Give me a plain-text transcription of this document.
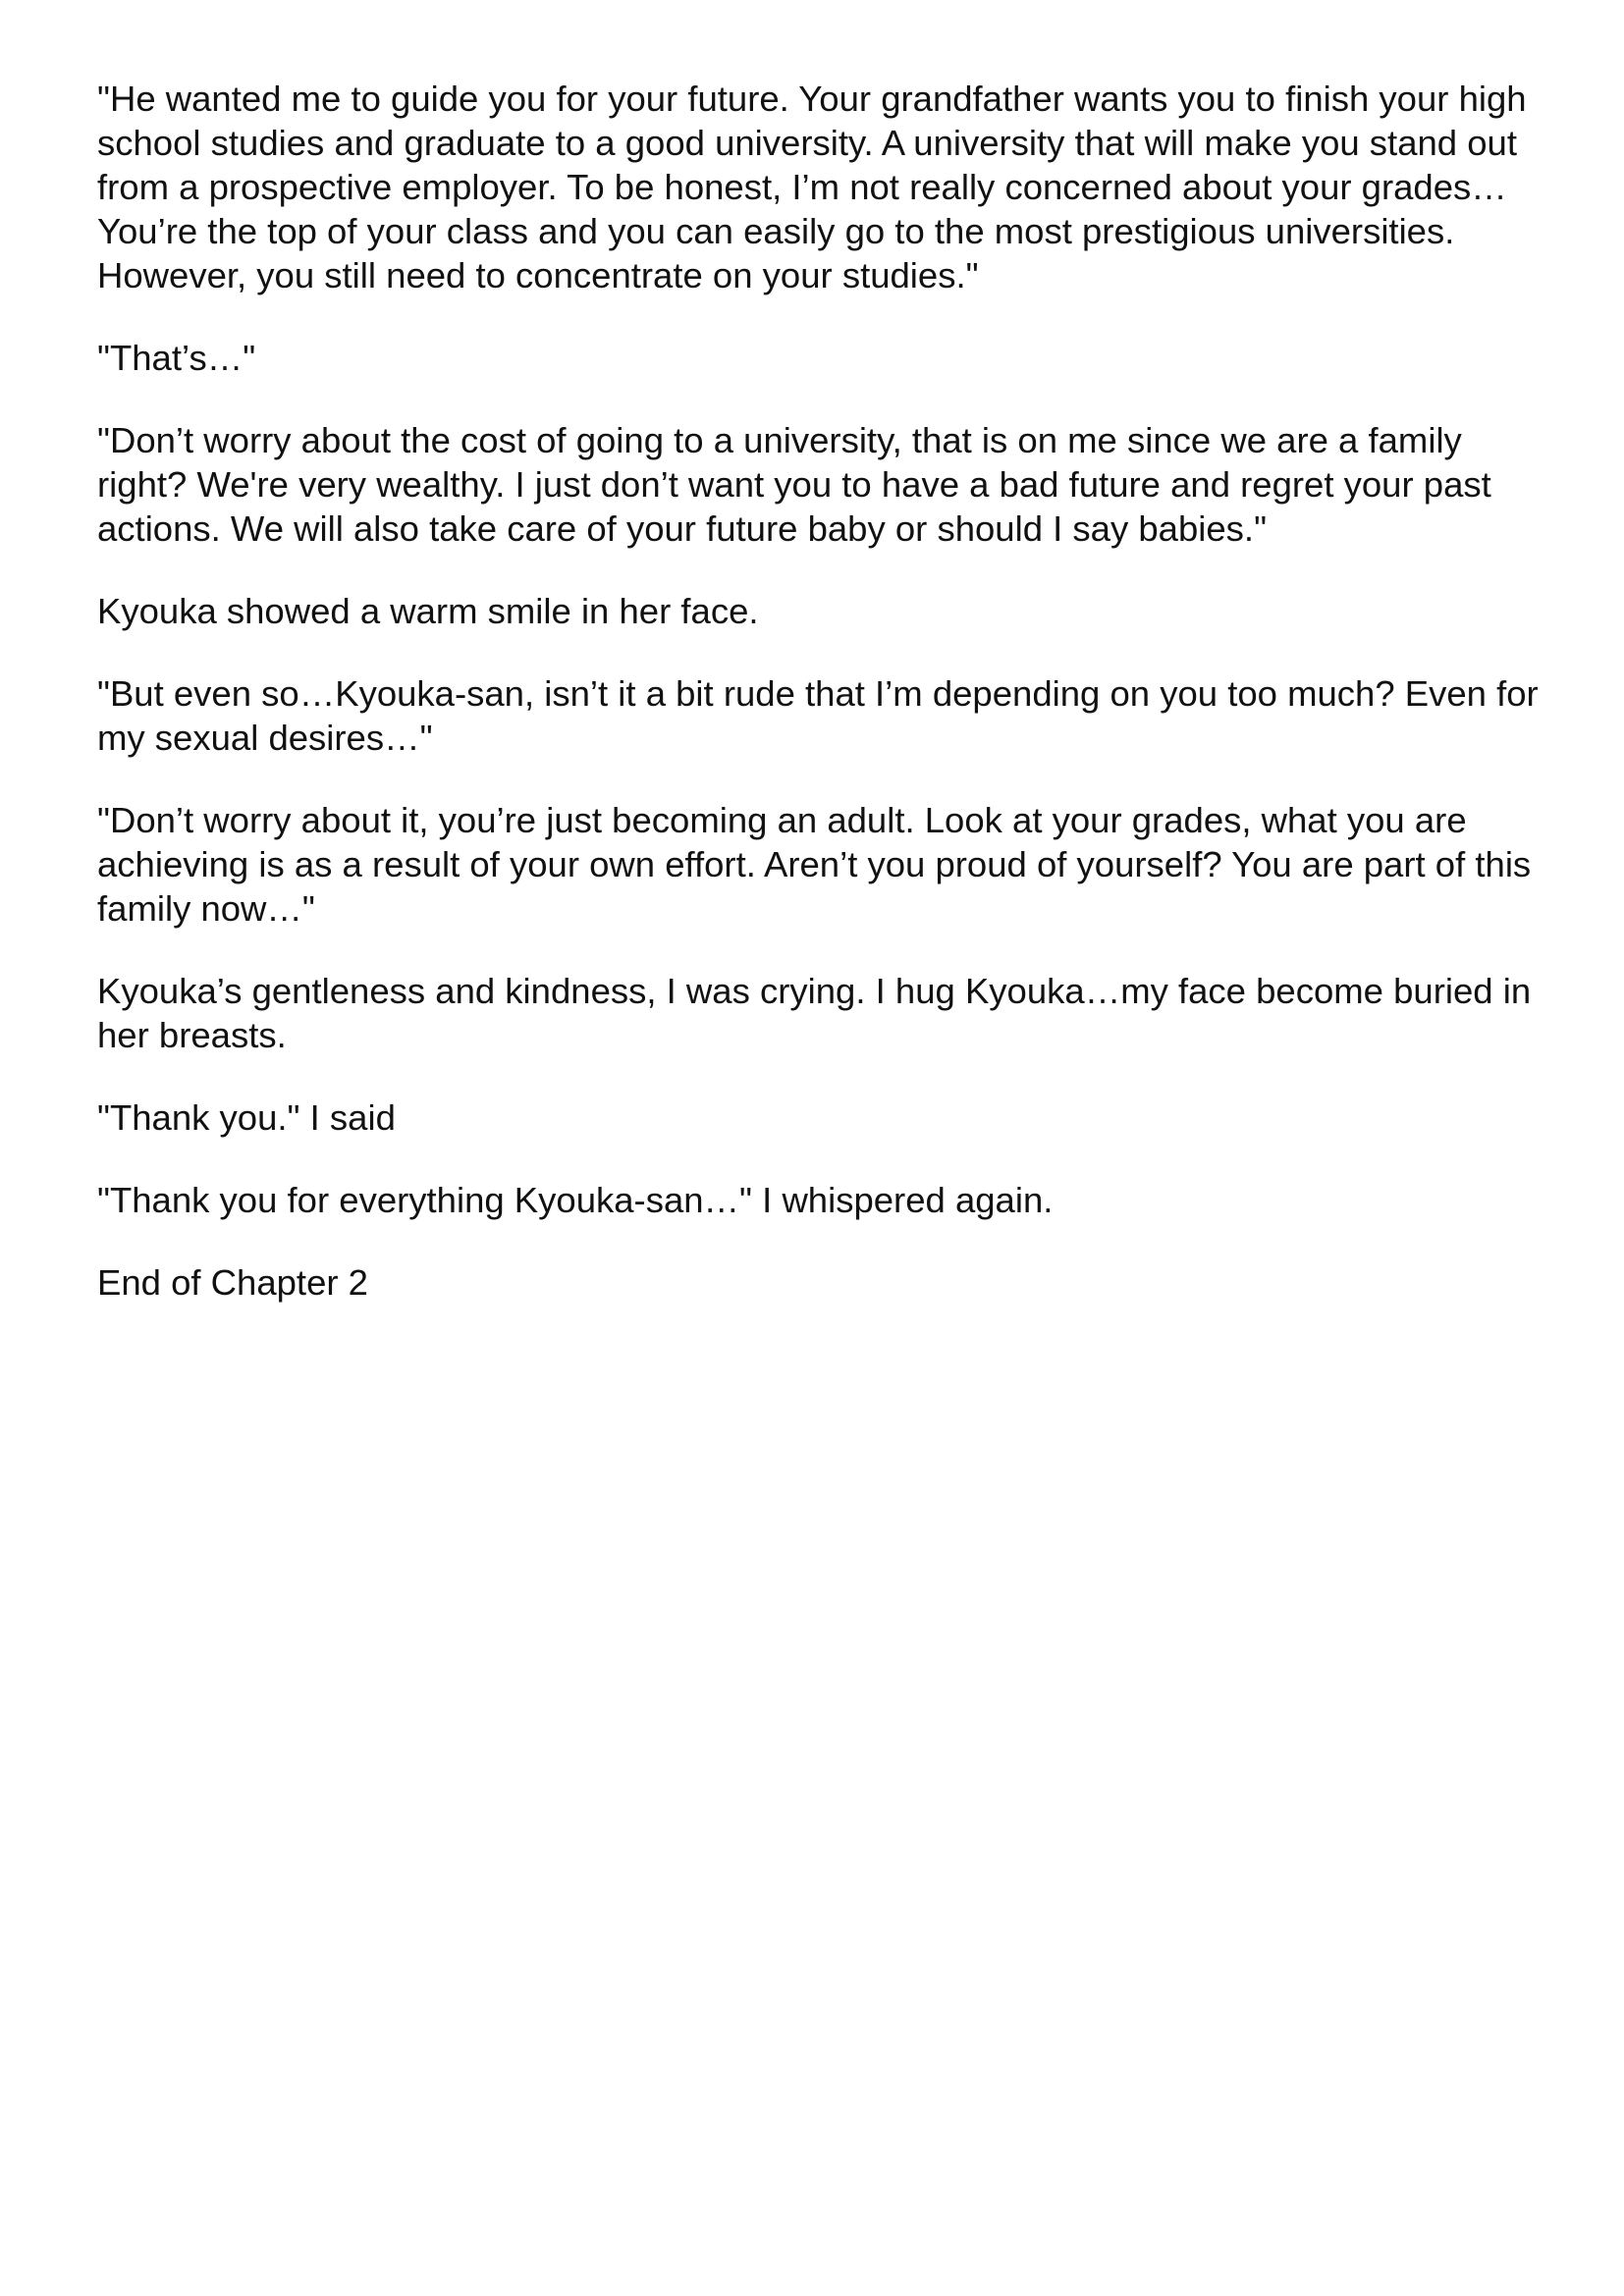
"He wanted me to guide you for your future. Your grandfather wants you to finish your high school studies and graduate to a good university. A university that will make you stand out from a prospective employer. To be honest, I’m not really concerned about your grades…You’re the top of your class and you can easily go to the most prestigious universities. However, you still need to concentrate on your studies."

"That’s…"

"Don’t worry about the cost of going to a university, that is on me since we are a family right? We're very wealthy. I just don’t want you to have a bad future and regret your past actions. We will also take care of your future baby or should I say babies."

Kyouka showed a warm smile in her face.

"But even so…Kyouka-san, isn’t it a bit rude that I’m depending on you too much? Even for my sexual desires…"

"Don’t worry about it, you’re just becoming an adult. Look at your grades, what you are achieving is as a result of your own effort. Aren’t you proud of yourself? You are part of this family now…"

Kyouka’s gentleness and kindness, I was crying. I hug Kyouka…my face become buried in her breasts.

"Thank you." I said

"Thank you for everything Kyouka-san…" I whispered again.

End of Chapter 2
